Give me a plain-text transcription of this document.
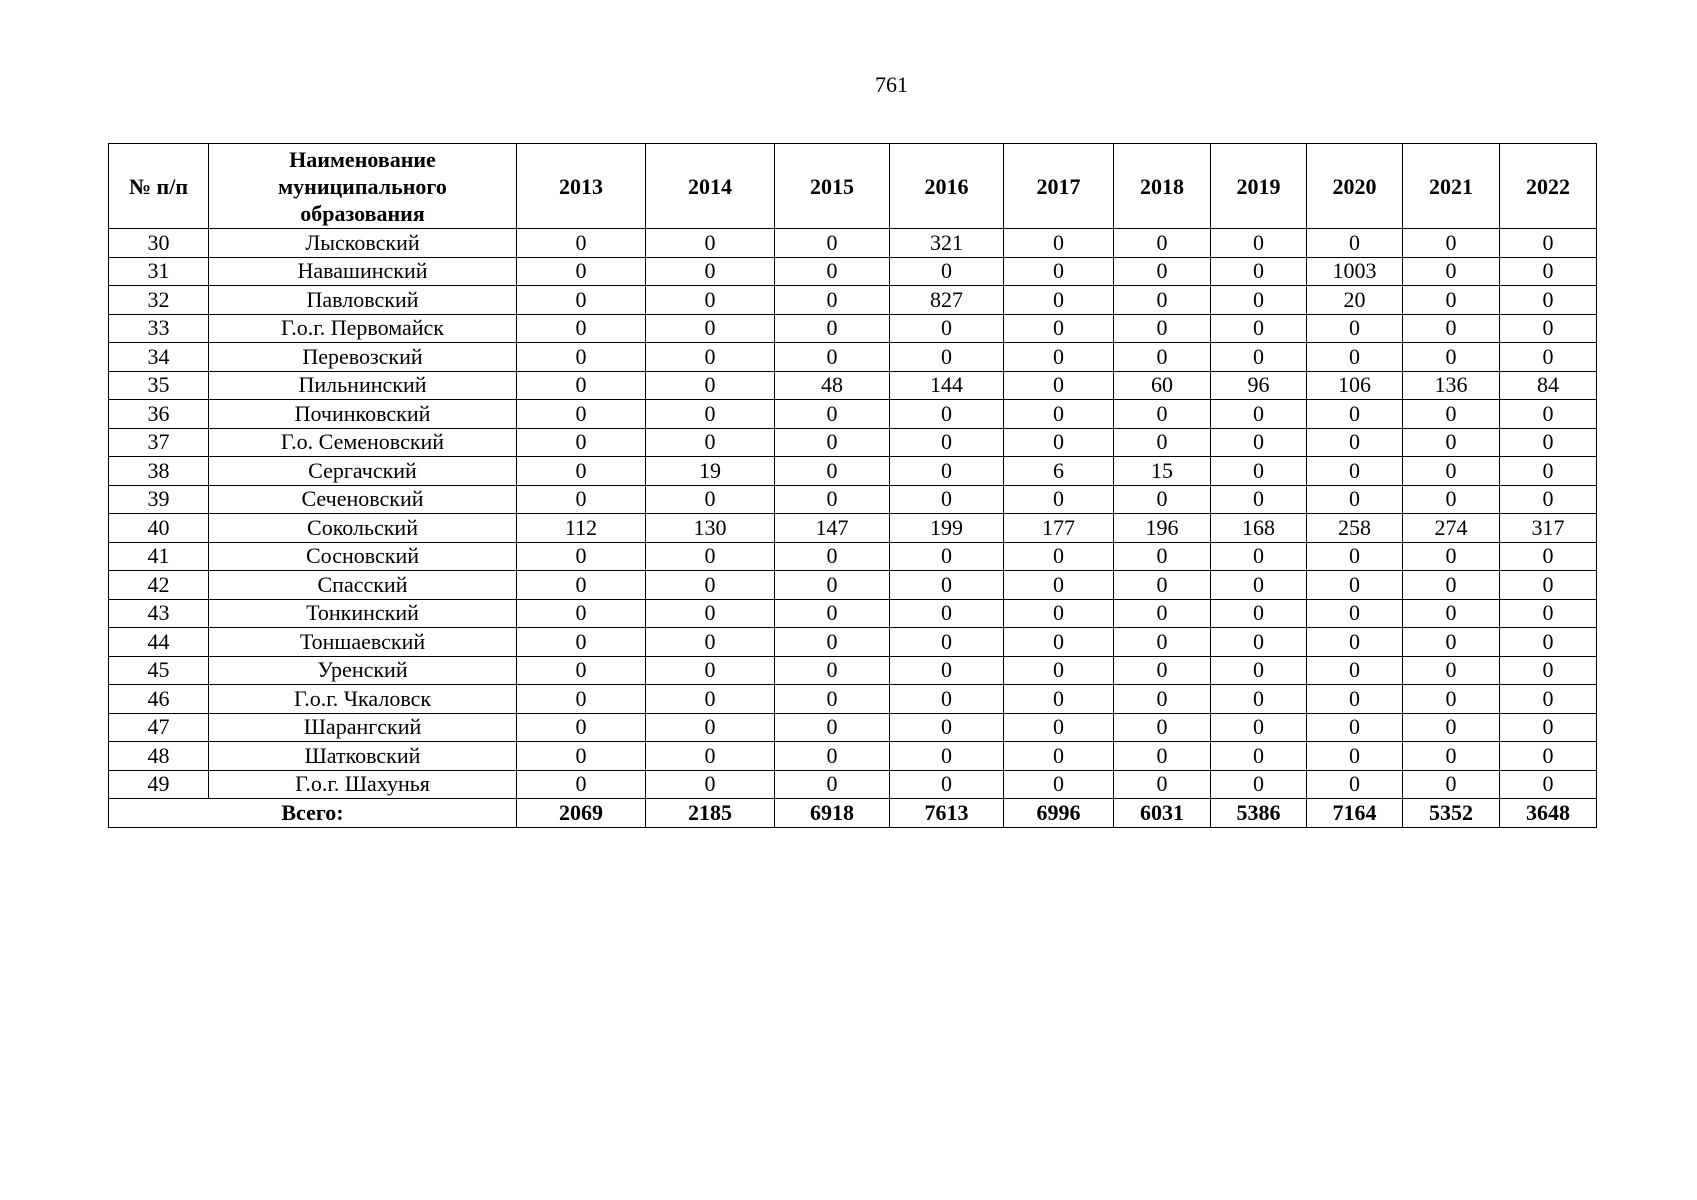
761
№ п/п	Наименование
муниципального
образования	2013	2014	2015	2016	2017	2018	2019	2020	2021	2022
30	Лысковский	0	0	0	321	0	0	0	0	0	0
31	Навашинский	0	0	0	0	0	0	0	1003	0	0
32	Павловский	0	0	0	827	0	0	0	20	0	0
33	Г.о.г. Первомайск	0	0	0	0	0	0	0	0	0	0
34	Перевозский	0	0	0	0	0	0	0	0	0	0
35	Пильнинский	0	0	48	144	0	60	96	106	136	84
36	Починковский	0	0	0	0	0	0	0	0	0	0
37	Г.о. Семеновский	0	0	0	0	0	0	0	0	0	0
38	Сергачский	0	19	0	0	6	15	0	0	0	0
39	Сеченовский	0	0	0	0	0	0	0	0	0	0
40	Сокольский	112	130	147	199	177	196	168	258	274	317
41	Сосновский	0	0	0	0	0	0	0	0	0	0
42	Спасский	0	0	0	0	0	0	0	0	0	0
43	Тонкинский	0	0	0	0	0	0	0	0	0	0
44	Тоншаевский	0	0	0	0	0	0	0	0	0	0
45	Уренский	0	0	0	0	0	0	0	0	0	0
46	Г.о.г. Чкаловск	0	0	0	0	0	0	0	0	0	0
47	Шарангский	0	0	0	0	0	0	0	0	0	0
48	Шатковский	0	0	0	0	0	0	0	0	0	0
49	Г.о.г. Шахунья	0	0	0	0	0	0	0	0	0	0
Всего:		2069	2185	6918	7613	6996	6031	5386	7164	5352	3648
